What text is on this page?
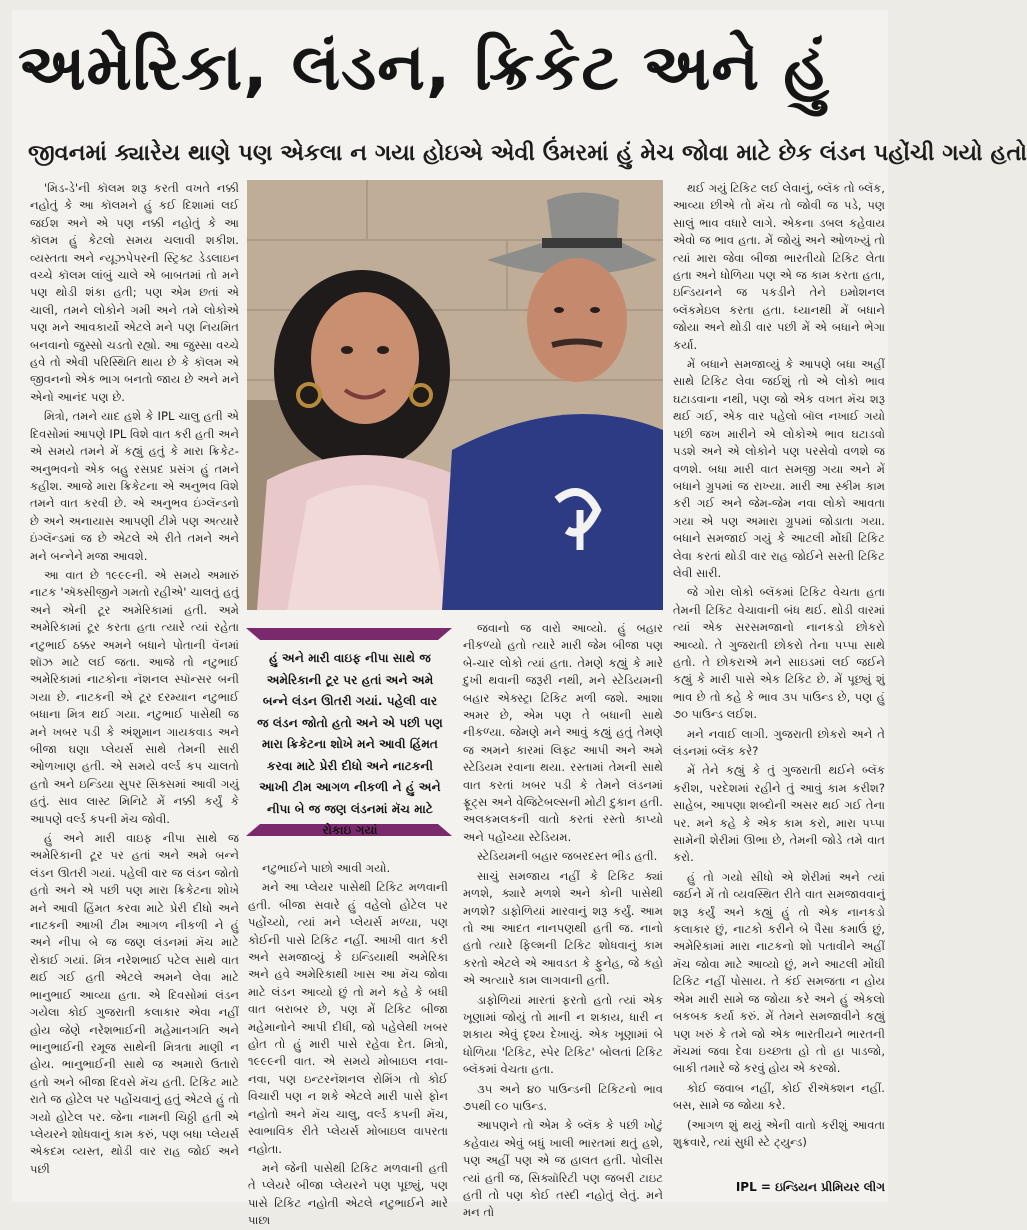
અમેરિકા, લંડન, ક્રિકેટ અને હું
જીવનમાં ક્યારેય થાણે પણ એકલા ન ગયા હોઇએ એવી ઉંમરમાં હું મેચ જોવા માટે છેક લંડન પહોંચી ગયો હતો

'મિડ-ડે'ની કૉલમ શરૂ કરતી વખતે નક્કી નહોતું કે આ કૉલમને હું કઈ દિશામાં લઈ જઈશ અને એ પણ નક્કી નહોતું કે આ કૉલમ હું કેટલો સમય ચલાવી શકીશ. વ્યસ્તતા અને ન્યૂઝપેપરની સ્ટ્રિક્ટ ડેડલાઇન વચ્ચે કૉલમ લાંબું ચાલે એ બાબતમાં તો મને પણ થોડી શંકા હતી; પણ એમ છતાં એ ચાલી, તમને લોકોને ગમી અને તમે લોકોએ પણ મને આવકાર્યો એટલે મને પણ નિયમિત બનવાનો જુસ્સો ચડતો રહ્યો. આ જુસ્સા વચ્ચે હવે તો એવી પરિસ્થિતિ થાય છે કે કૉલમ એ જીવનનો એક ભાગ બનતો જાય છે અને મને એનો આનંદ પણ છે.

મિત્રો, તમને યાદ હશે કે IPL ચાલુ હતી એ દિવસોમાં આપણે IPL વિશે વાત કરી હતી અને એ સમયે તમને મેં કહ્યું હતું કે મારા ક્રિકેટ-અનુભવનો એક બહુ રસપ્રદ પ્રસંગ હું તમને કહીશ. આજે મારા ક્રિકેટના એ અનુભવ વિશે તમને વાત કરવી છે. એ અનુભવ ઇંગ્લૅન્ડનો છે અને અનાયાસ આપણી ટીમે પણ અત્યારે ઇંગ્લૅન્ડમાં જ છે એટલે એ રીતે તમને અને મને બન્નેને મજા આવશે.

આ વાત છે ૧૯૯૯ની. એ સમયે અમારું નાટક 'ઍક્સીજીને ગમતો રહીએ' ચાલતું હતું અને એની ટૂર અમેરિકામાં હતી. અમે અમેરિકામાં ટૂર કરતા હતા ત્યારે ત્યાં રહેતા નટુભાઈ ઠક્કર અમને બધાને પોતાની વૅનમાં શૉઝ માટે લઈ જતા. આજે તો નટુભાઈ અમેરિકામાં નાટકોના નૅશનલ સ્પૉન્સર બની ગયા છે. નાટકની એ ટૂર દરમ્યાન નટુભાઈ બધાના મિત્ર થઈ ગયા. નટુભાઈ પાસેથી જ મને ખબર પડી કે અંશુમાન ગાયકવાડ અને બીજા ઘણા પ્લેયર્સ સાથે તેમની સારી ઓળખાણ હતી. એ સમયે વર્લ્ડ કપ ચાલતો હતો અને ઇન્ડિયા સુપર સિક્સમાં આવી ગયું હતું. સાવ લાસ્ટ મિનિટે મેં નક્કી કર્યું કે આપણે વર્લ્ડ કપની મૅચ જોવી.

હું અને મારી વાઇફ નીપા સાથે જ અમેરિકાની ટૂર પર હતાં અને અમે બન્ને લંડન ઊતરી ગયાં. પહેલી વાર જ લંડન જોતો હતો અને એ પછી પણ મારા ક્રિકેટના શોખે મને આવી હિંમત કરવા માટે પ્રેરી દીધો અને નાટકની આખી ટીમ આગળ નીકળી ને હું અને નીપા બે જ જણ લંડનમાં મૅચ માટે રોકાઈ ગયાં. મિત્ર નરેશભાઈ પટેલ સાથે વાત થઈ ગઈ હતી એટલે અમને લેવા માટે ભાનુભાઈ આવ્યા હતા. એ દિવસોમાં લંડન ગયેલા કોઈ ગુજરાતી કલાકાર એવા નહીં હોય જેણે નરેશભાઈની મહેમાનગતિ અને ભાનુભાઈની રમૂજ સાથેની મિત્રતા માણી ન હોય. ભાનુભાઈની સાથે જ અમારો ઉતારો હતો અને બીજા દિવસે મૅચ હતી. ટિકિટ માટે રાતે જ હોટેલ પર પહોંચવાનું હતું એટલે હું તો ગયો હોટેલ પર. જેના નામની ચિઠ્ઠી હતી એ પ્લેયરને શોધવાનું કામ કરું, પણ બધા પ્લેયર્સ એકદમ વ્યસ્ત, થોડી વાર રાહ જોઈ અને પછી

હું અને મારી વાઇફ નીપા સાથે જ અમેરિકાની ટૂર પર હતાં અને અમે બન્ને લંડન ઊતરી ગયાં. પહેલી વાર જ લંડન જોતો હતો અને એ પછી પણ મારા ક્રિકેટના શોખે મને આવી હિંમત કરવા માટે પ્રેરી દીધો અને નાટકની આખી ટીમ આગળ નીકળી ને હું અને નીપા બે જ જણ લંડનમાં મૅચ માટે રોકાઇ ગયાં

નટુભાઈને પાછો આવી ગયો.

મને આ પ્લેયર પાસેથી ટિકિટ મળવાની હતી. બીજા સવારે હું વહેલો હોટેલ પર પહોંચ્યો, ત્યાં મને પ્લેયર્સ મળ્યા, પણ કોઈની પાસે ટિકિટ નહીં. આખી વાત કરી અને સમજાવ્યું કે ઇન્ડિયાથી અમેરિકા અને હવે અમેરિકાથી ખાસ આ મૅચ જોવા માટે લંડન આવ્યો છું તો મને કહે કે બધી વાત બરાબર છે, પણ મેં ટિકિટ બીજા મહેમાનોને આપી દીધી, જો પહેલેથી ખબર હોત તો હું મારી પાસે રહેવા દેત. મિત્રો, ૧૯૯૯ની વાત. એ સમયે મોબાઇલ નવા-નવા, પણ ઇન્ટરનૅશનલ રોમિંગ તો કોઈ વિચારી પણ ન શકે એટલે મારી પાસે ફોન નહોતો અને મૅચ ચાલુ, વર્લ્ડ કપની મૅચ, સ્વાભાવિક રીતે પ્લેયર્સ મોબાઇલ વાપરતા નહોતા.

મને જેની પાસેથી ટિકિટ મળવાની હતી તે પ્લેયરે બીજા પ્લેયરને પણ પૂછ્યું, પણ પાસે ટિકિટ નહોતી એટલે નટુભાઈને મારે પાછા

જવાનો જ વારો આવ્યો. હું બહાર નીકળ્યો હતો ત્યારે મારી જેમ બીજા પણ બે-ચાર લોકો ત્યાં હતા. તેમણે કહ્યું કે મારે દુખી થવાની જરૂરી નથી, મને સ્ટેડિયમની બહાર એક્સ્ટ્રા ટિકિટ મળી જશે. આશા અમર છે, એમ પણ તે બધાની સાથે નીકળ્યા. જેમણે મને આવું કહ્યું હતું તેમણે જ અમને કારમાં લિફ્ટ આપી અને અમે સ્ટેડિયમ રવાના થયા. રસ્તામાં તેમની સાથે વાત કરતાં ખબર પડી કે તેમને લંડનમાં ફ્રૂટ્સ અને વેજિટેબલ્સની મોટી દુકાન હતી. અલકમલકની વાતો કરતાં રસ્તો કાપ્યો અને પહોંચ્યા સ્ટેડિયમ.

સ્ટેડિયમની બહાર જબરદસ્ત ભીડ હતી.

સાચું સમજાય નહીં કે ટિકિટ ક્યાં મળશે, ક્યારે મળશે અને કોની પાસેથી મળશે? ડાફોળિયાં મારવાનું શરૂ કર્યું. આમ તો આ આદત નાનપણથી હતી જ. નાનો હતો ત્યારે ફિલ્મની ટિકિટ શોધવાનું કામ કરતો એટલે એ આવડત કે ફુનેહ, જે કહો એ અત્યારે કામ લાગવાની હતી.

ડાફોળિયાં મારતાં ફરતો હતો ત્યાં એક ખૂણામાં જોયું તો માની ન શકાય, ધારી ન શકાય એવું દૃશ્ય દેખાયું. એક ખૂણામાં બે ધોળિયા 'ટિકિટ, સ્પેર ટિકિટ' બોલતાં ટિકિટ બ્લૅકમાં વેચતા હતા.

૩૫ અને ૪૦ પાઉન્ડની ટિકિટનો ભાવ ૭૫થી ૯૦ પાઉન્ડ.

આપણને તો એમ કે બ્લૅક કે પછી ખોટું કહેવાય એવું બધું ખાલી ભારતમાં થતું હશે, પણ અહીં પણ એ જ હાલત હતી. પોલીસ ત્યાં હતી જ, સિક્યૉરિટી પણ જબરી ટાઇટ હતી તો પણ કોઈ તસ્દી નહોતું લેતું. મને મન તો

થઈ ગયું ટિકિટ લઈ લેવાનું, બ્લૅક તો બ્લૅક, આવ્યા છીએ તો મૅચ તો જોવી જ પડે, પણ સાલું ભાવ વધારે લાગે. એકના ડબલ કહેવાય એવો જ ભાવ હતા. મેં જોયું અને ઓળખ્યું તો ત્યાં મારા જેવા બીજા ભારતીયો ટિકિટ લેતા હતા અને ધોળિયા પણ એ જ કામ કરતા હતા, ઇન્ડિયનને જ પકડીને તેને ઇમોશનલ બ્લૅકમેઇલ કરતા હતા. ધ્યાનથી મેં બધાને જોયા અને થોડી વાર પછી મેં એ બધાને ભેગા કર્યા.

મેં બધાને સમજાવ્યું કે આપણે બધા અહીં સાથે ટિકિટ લેવા જઈશું તો એ લોકો ભાવ ઘટાડવાના નથી, પણ જો એક વખત મૅચ શરૂ થઈ ગઈ, એક વાર પહેલો બૉલ નખાઈ ગયો પછી જખ મારીને એ લોકોએ ભાવ ઘટાડવો પડશે અને એ લોકોને પણ પરસેવો વળશે જ વળશે. બધા મારી વાત સમજી ગયા અને મેં બધાને ગ્રુપમાં જ રાખ્યા. મારી આ સ્કીમ કામ કરી ગઈ અને જેમ-જેમ નવા લોકો આવતા ગયા એ પણ અમારા ગ્રુપમાં જોડાતા ગયા. બધાને સમજાઈ ગયું કે આટલી મોંઘી ટિકિટ લેવા કરતાં થોડી વાર રાહ જોઈને સસ્તી ટિકિટ લેવી સારી.

જે ગોરા લોકો બ્લૅકમાં ટિકિટ વેચતા હતા તેમની ટિકિટ વેચાવાની બંધ થઈ. થોડી વારમાં ત્યાં એક સરસમજાનો નાનકડો છોકરો આવ્યો. તે ગુજરાતી છોકરો તેના પપ્પા સાથે હતો. તે છોકરાએ મને સાઇડમાં લઈ જઈને કહ્યું કે મારી પાસે એક ટિકિટ છે. મેં પૂછ્યું શું ભાવ છે તો કહે કે ભાવ ૩૫ પાઉન્ડ છે, પણ હું ૭૦ પાઉન્ડ લઈશ.

મને નવાઈ લાગી. ગુજરાતી છોકરો અને તે લંડનમાં બ્લૅક કરે?

મેં તેને કહ્યું કે તું ગુજરાતી થઈને બ્લૅક કરીશ, પરદેશમાં રહીને તું આવું કામ કરીશ? સાહેબ, આપણા શબ્દોની અસર થઈ ગઈ તેના પર. મને કહે કે એક કામ કરો, મારા પપ્પા સામેની શેરીમાં ઊભા છે, તેમની જોડે તમે વાત કરો.

હું તો ગયો સીધો એ શેરીમાં અને ત્યાં જઈને મેં તો વ્યવસ્થિત રીતે વાત સમજાવવાનું શરૂ કર્યું અને કહ્યું હું તો એક નાનકડો કલાકાર છું, નાટકો કરીને બે પૈસા કમાઉં છું, અમેરિકામાં મારા નાટકનો શો પતાવીને અહીં મૅચ જોવા માટે આવ્યો છું, મને આટલી મોંઘી ટિકિટ નહીં પોસાય. તે કંઈ સમજતા ન હોય એમ મારી સામે જ જોયા કરે અને હું એકલો બકબક કર્યા કરું. મેં તેમને સમજાવીને કહ્યું પણ ખરું કે તમે જો એક ભારતીયને ભારતની મૅચમાં જવા દેવા ઇચ્છતા હો તો હા પાડજો, બાકી તમારે જે કરવું હોય એ કરજો.

કોઈ જવાબ નહીં, કોઈ રીઍક્શન નહીં. બસ, સામે જ જોયા કરે.

(આગળ શું થયું એની વાતો કરીશું આવતા શુક્રવારે, ત્યાં સુધી સ્ટે ટ્યુન્ડ)

IPL = ઇન્ડિયન પ્રીમિયર લીગ
